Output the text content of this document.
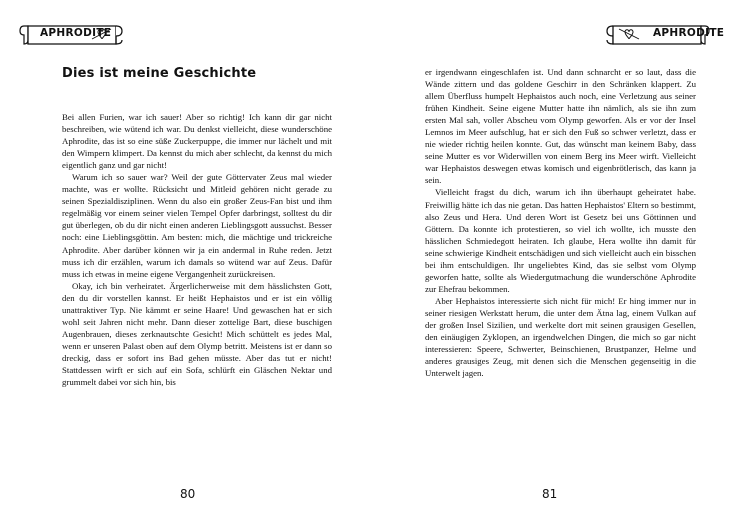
APHRODITE
Dies ist meine Geschichte

Bei allen Furien, war ich sauer! Aber so richtig! Ich kann dir gar nicht beschreiben, wie wütend ich war. Du denkst vielleicht, diese wunderschöne Aphrodite, das ist so eine süße Zuckerpuppe, die immer nur lächelt und mit den Wimpern klimpert. Da kennst du mich aber schlecht, da kennst du mich eigentlich ganz und gar nicht!

Warum ich so sauer war? Weil der gute Göttervater Zeus mal wieder machte, was er wollte. Rücksicht und Mitleid gehören nicht gerade zu seinen Spezialdisziplinen. Wenn du also ein großer Zeus-Fan bist und ihm regelmäßig vor einem seiner vielen Tempel Opfer darbringst, solltest du dir gut überlegen, ob du dir nicht einen anderen Lieblingsgott aussuchst. Besser noch: eine Lieblingsgöttin. Am besten: mich, die mächtige und trickreiche Aphrodite. Aber darüber können wir ja ein andermal in Ruhe reden. Jetzt muss ich dir erzählen, warum ich damals so wütend war auf Zeus. Dafür muss ich etwas in meine eigene Vergangenheit zurückreisen.

Okay, ich bin verheiratet. Ärgerlicherweise mit dem hässlichsten Gott, den du dir vorstellen kannst. Er heißt Hephaistos und er ist ein völlig unattraktiver Typ. Nie kämmt er seine Haare! Und gewaschen hat er sich wohl seit Jahren nicht mehr. Dann dieser zottelige Bart, diese buschigen Augenbrauen, dieses zerknautschte Gesicht! Mich schüttelt es jedes Mal, wenn er unseren Palast oben auf dem Olymp betritt. Meistens ist er dann so dreckig, dass er sofort ins Bad gehen müsste. Aber das tut er nicht! Stattdessen wirft er sich auf ein Sofa, schlürft ein Gläschen Nektar und grummelt dabei vor sich hin, bis

80
APHRODITE

er irgendwann eingeschlafen ist. Und dann schnarcht er so laut, dass die Wände zittern und das goldene Geschirr in den Schränken klappert. Zu allem Überfluss humpelt Hephaistos auch noch, eine Verletzung aus seiner frühen Kindheit. Seine eigene Mutter hatte ihn nämlich, als sie ihn zum ersten Mal sah, voller Abscheu vom Olymp geworfen. Als er vor der Insel Lemnos im Meer aufschlug, hat er sich den Fuß so schwer verletzt, dass er nie wieder richtig heilen konnte. Gut, das wünscht man keinem Baby, dass seine Mutter es vor Widerwillen von einem Berg ins Meer wirft. Vielleicht war Hephaistos deswegen etwas komisch und eigenbrötlerisch, das kann ja sein.

Vielleicht fragst du dich, warum ich ihn überhaupt geheiratet habe. Freiwillig hätte ich das nie getan. Das hatten Hephaistos' Eltern so bestimmt, also Zeus und Hera. Und deren Wort ist Gesetz bei uns Göttinnen und Göttern. Da konnte ich protestieren, so viel ich wollte, ich musste den hässlichen Schmiedegott heiraten. Ich glaube, Hera wollte ihn damit für seine schwierige Kindheit entschädigen und sich vielleicht auch ein bisschen bei ihm entschuldigen. Ihr ungeliebtes Kind, das sie selbst vom Olymp geworfen hatte, sollte als Wiedergutmachung die wunderschöne Aphrodite zur Ehefrau bekommen.

Aber Hephaistos interessierte sich nicht für mich! Er hing immer nur in seiner riesigen Werkstatt herum, die unter dem Ätna lag, einem Vulkan auf der großen Insel Sizilien, und werkelte dort mit seinen grausigen Gesellen, den einäugigen Zyklopen, an irgendwelchen Dingen, die mich so gar nicht interessieren: Speere, Schwerter, Beinschienen, Brustpanzer, Helme und anderes grausiges Zeug, mit denen sich die Menschen gegenseitig in die Unterwelt jagen.

81
